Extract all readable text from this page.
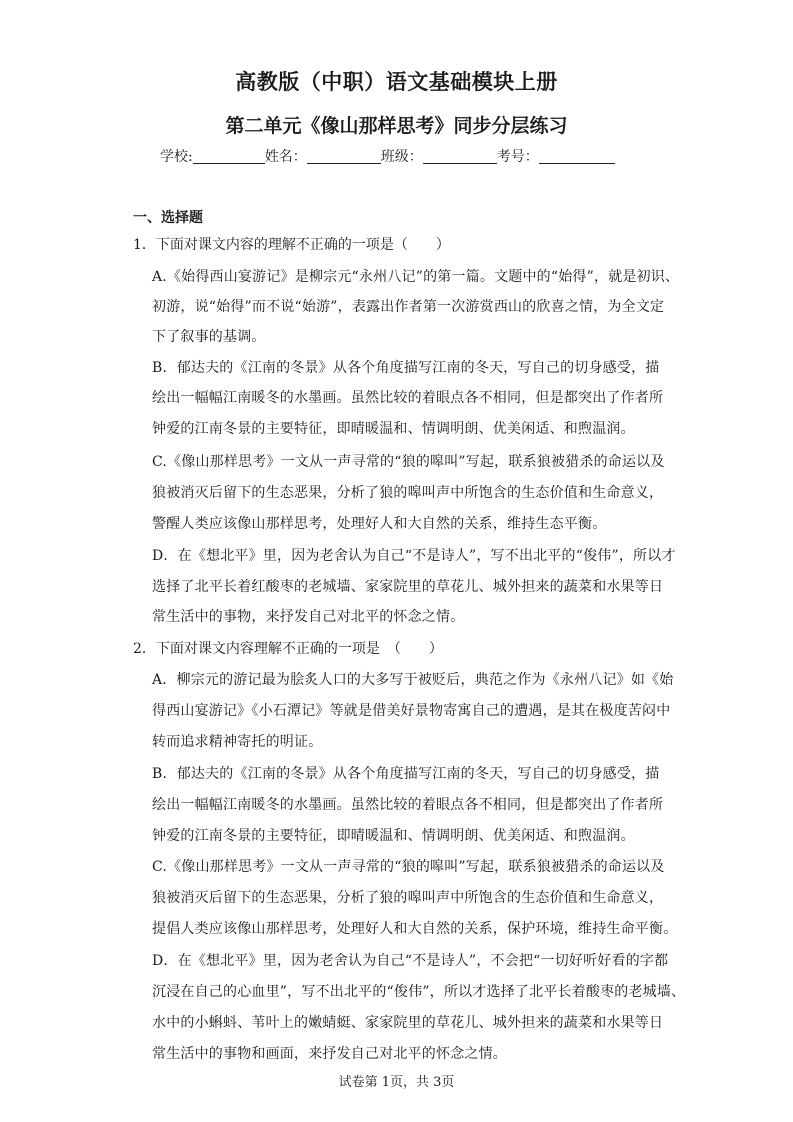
高教版（中职）语文基础模块上册
第二单元《像山那样思考》同步分层练习
学校:	姓名：	班级：	考号：
一、选择题
1．下面对课文内容的理解不正确的一项是（　　）
A.《始得西山宴游记》是柳宗元“永州八记”的第一篇。文题中的“始得”，就是初识、
初游，说“始得”而不说“始游”，表露出作者第一次游赏西山的欣喜之情，为全文定
下了叙事的基调。
B．郁达夫的《江南的冬景》从各个角度描写江南的冬天，写自己的切身感受，描
绘出一幅幅江南暖冬的水墨画。虽然比较的着眼点各不相同，但是都突出了作者所
钟爱的江南冬景的主要特征，即晴暖温和、情调明朗、优美闲适、和煦温润。
C.《像山那样思考》一文从一声寻常的“狼的嗥叫”写起，联系狼被猎杀的命运以及
狼被消灭后留下的生态恶果，分析了狼的嗥叫声中所饱含的生态价值和生命意义，
警醒人类应该像山那样思考，处理好人和大自然的关系，维持生态平衡。
D．在《想北平》里，因为老舍认为自己“不是诗人”，写不出北平的“俊伟”，所以才
选择了北平长着红酸枣的老城墙、家家院里的草花儿、城外担来的蔬菜和水果等日
常生活中的事物，来抒发自己对北平的怀念之情。
2．下面对课文内容理解不正确的一项是　（　　）
A．柳宗元的游记最为脍炙人口的大多写于被贬后，典范之作为《永州八记》如《始
得西山宴游记》《小石潭记》等就是借美好景物寄寓自己的遭遇，是其在极度苦闷中
转而追求精神寄托的明证。
B．郁达夫的《江南的冬景》从各个角度描写江南的冬天，写自己的切身感受，描
绘出一幅幅江南暖冬的水墨画。虽然比较的着眼点各不相同，但是都突出了作者所
钟爱的江南冬景的主要特征，即晴暖温和、情调明朗、优美闲适、和煦温润。
C.《像山那样思考》一文从一声寻常的“狼的嗥叫”写起，联系狼被猎杀的命运以及
狼被消灭后留下的生态恶果，分析了狼的嗥叫声中所饱含的生态价值和生命意义，
提倡人类应该像山那样思考，处理好人和大自然的关系，保护环境，维持生命平衡。
D．在《想北平》里，因为老舍认为自己“不是诗人”，不会把“一切好听好看的字都
沉浸在自己的心血里”，写不出北平的“俊伟”，所以才选择了北平长着酸枣的老城墙、
水中的小蝌蚪、苇叶上的嫩蜻蜓、家家院里的草花儿、城外担来的蔬菜和水果等日
常生活中的事物和画面，来抒发自己对北平的怀念之情。
试卷第 1页，共 3页
